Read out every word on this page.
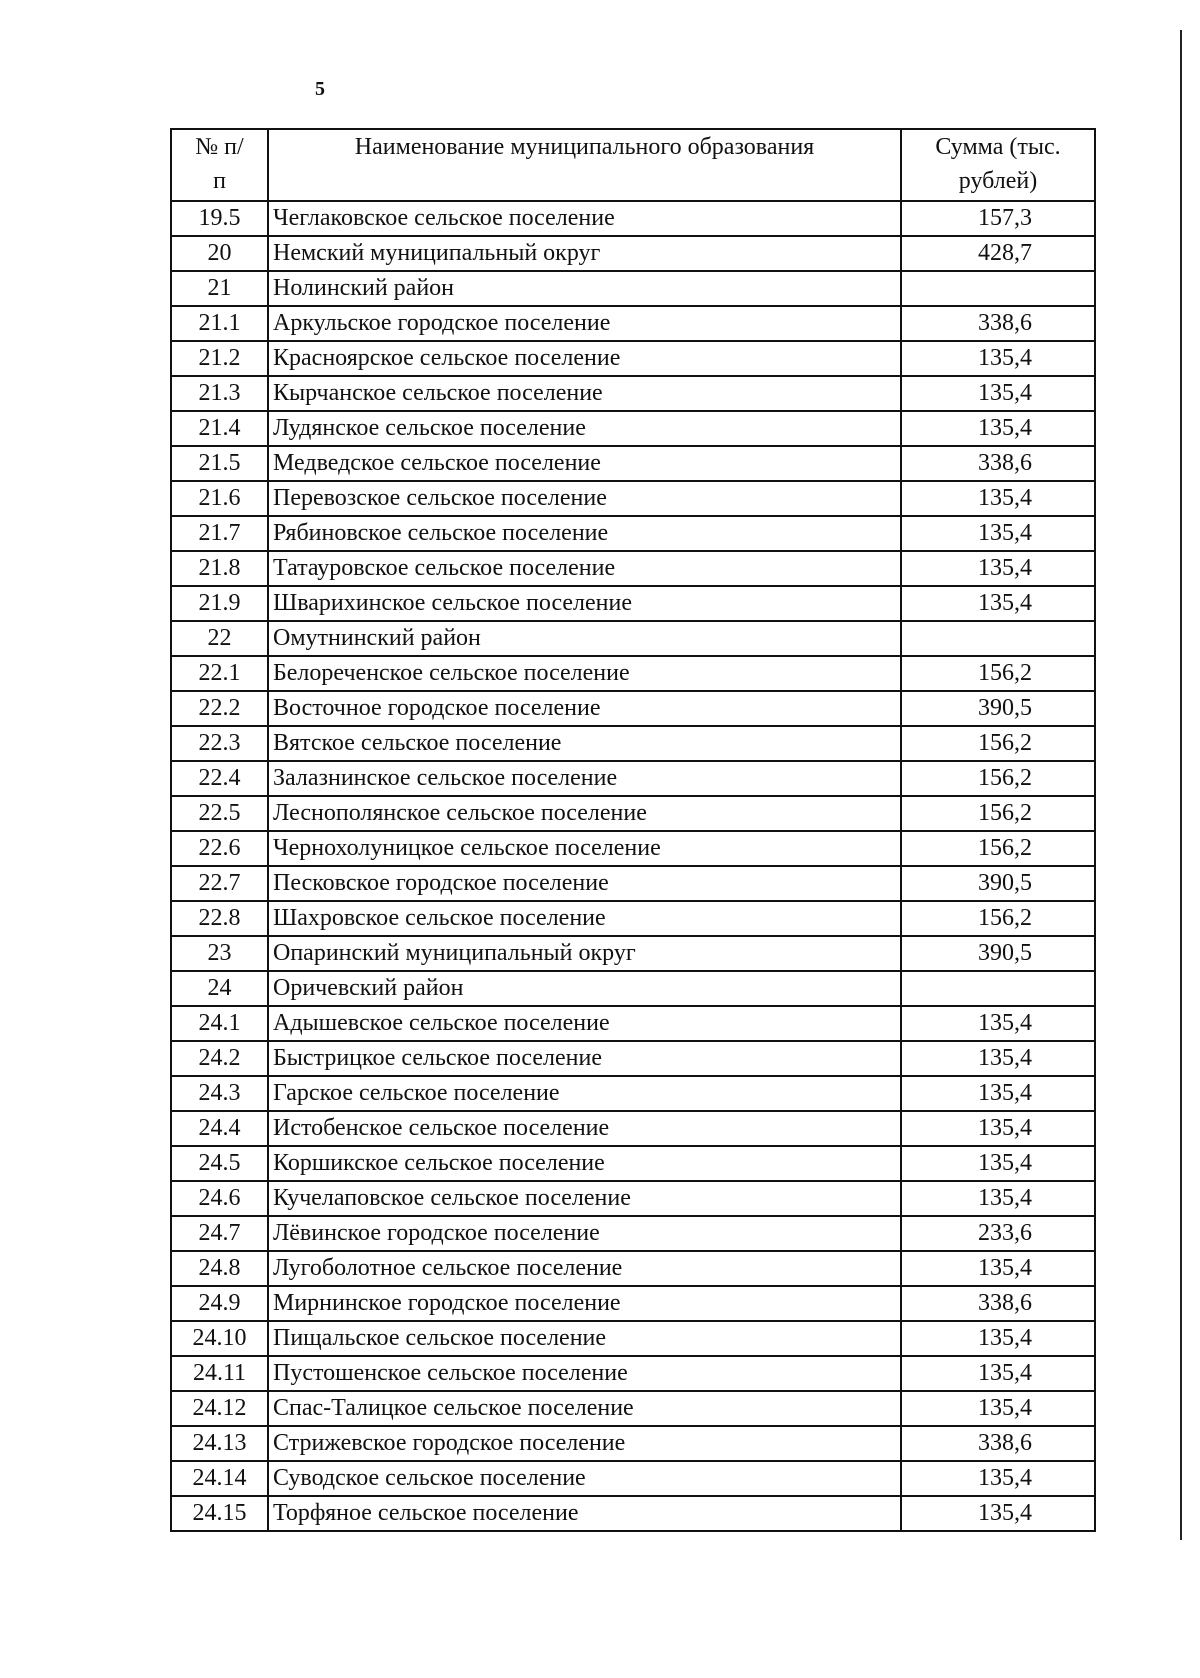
5
№ п/п	Наименование муниципального образования	Сумма (тыс. рублей)
19.5	Чеглаковское сельское поселение	157,3
20	Немский муниципальный округ	428,7
21	Нолинский район	
21.1	Аркульское городское поселение	338,6
21.2	Красноярское сельское поселение	135,4
21.3	Кырчанское сельское поселение	135,4
21.4	Лудянское сельское поселение	135,4
21.5	Медведское сельское поселение	338,6
21.6	Перевозское сельское поселение	135,4
21.7	Рябиновское сельское поселение	135,4
21.8	Татауровское сельское поселение	135,4
21.9	Шварихинское сельское поселение	135,4
22	Омутнинский район	
22.1	Белореченское сельское поселение	156,2
22.2	Восточное городское поселение	390,5
22.3	Вятское сельское поселение	156,2
22.4	Залазнинское сельское поселение	156,2
22.5	Леснополянское сельское поселение	156,2
22.6	Чернохолуницкое сельское поселение	156,2
22.7	Песковское городское поселение	390,5
22.8	Шахровское сельское поселение	156,2
23	Опаринский муниципальный округ	390,5
24	Оричевский район	
24.1	Адышевское сельское поселение	135,4
24.2	Быстрицкое сельское поселение	135,4
24.3	Гарское сельское поселение	135,4
24.4	Истобенское сельское поселение	135,4
24.5	Коршикское сельское поселение	135,4
24.6	Кучелаповское сельское поселение	135,4
24.7	Лёвинское городское поселение	233,6
24.8	Лугоболотное сельское поселение	135,4
24.9	Мирнинское городское поселение	338,6
24.10	Пищальское сельское поселение	135,4
24.11	Пустошенское сельское поселение	135,4
24.12	Спас-Талицкое сельское поселение	135,4
24.13	Стрижевское городское поселение	338,6
24.14	Суводское сельское поселение	135,4
24.15	Торфяное сельское поселение	135,4
